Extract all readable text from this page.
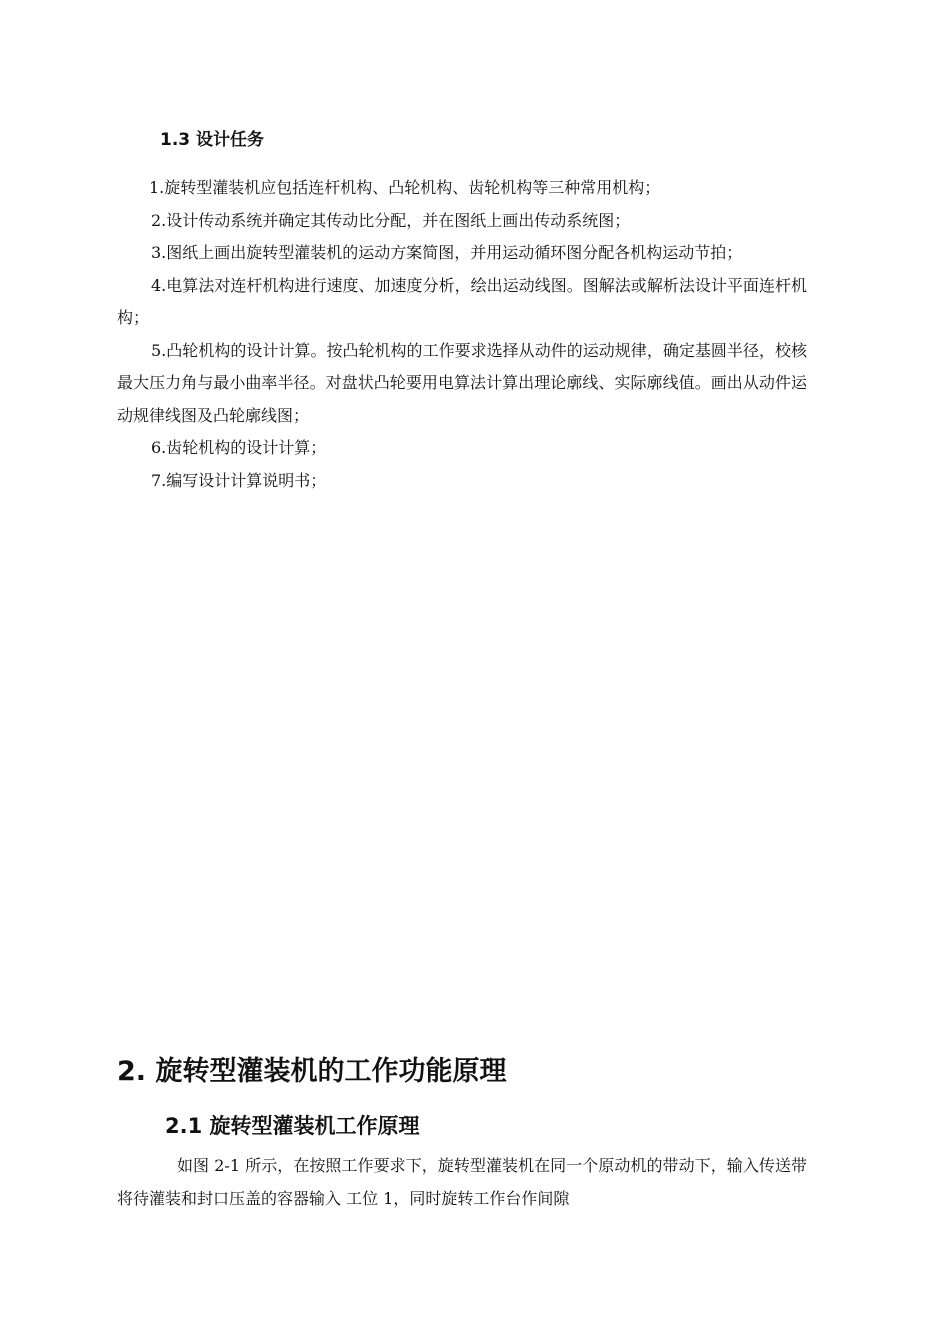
1.3 设计任务

1.旋转型灌装机应包括连杆机构、凸轮机构、齿轮机构等三种常用机构；

2.设计传动系统并确定其传动比分配，并在图纸上画出传动系统图；

3.图纸上画出旋转型灌装机的运动方案简图，并用运动循环图分配各机构运动节拍；

4.电算法对连杆机构进行速度、加速度分析，绘出运动线图。图解法或解析法设计平面连杆机构；

5.凸轮机构的设计计算。按凸轮机构的工作要求选择从动件的运动规律，确定基圆半径，校核最大压力角与最小曲率半径。对盘状凸轮要用电算法计算出理论廓线、实际廓线值。画出从动件运动规律线图及凸轮廓线图；

6.齿轮机构的设计计算；

7.编写设计计算说明书；

2. 旋转型灌装机的工作功能原理
2.1 旋转型灌装机工作原理

如图 2-1 所示，在按照工作要求下，旋转型灌装机在同一个原动机的带动下，输入传送带将待灌装和封口压盖的容器输入 工位 1，同时旋转工作台作间隙
